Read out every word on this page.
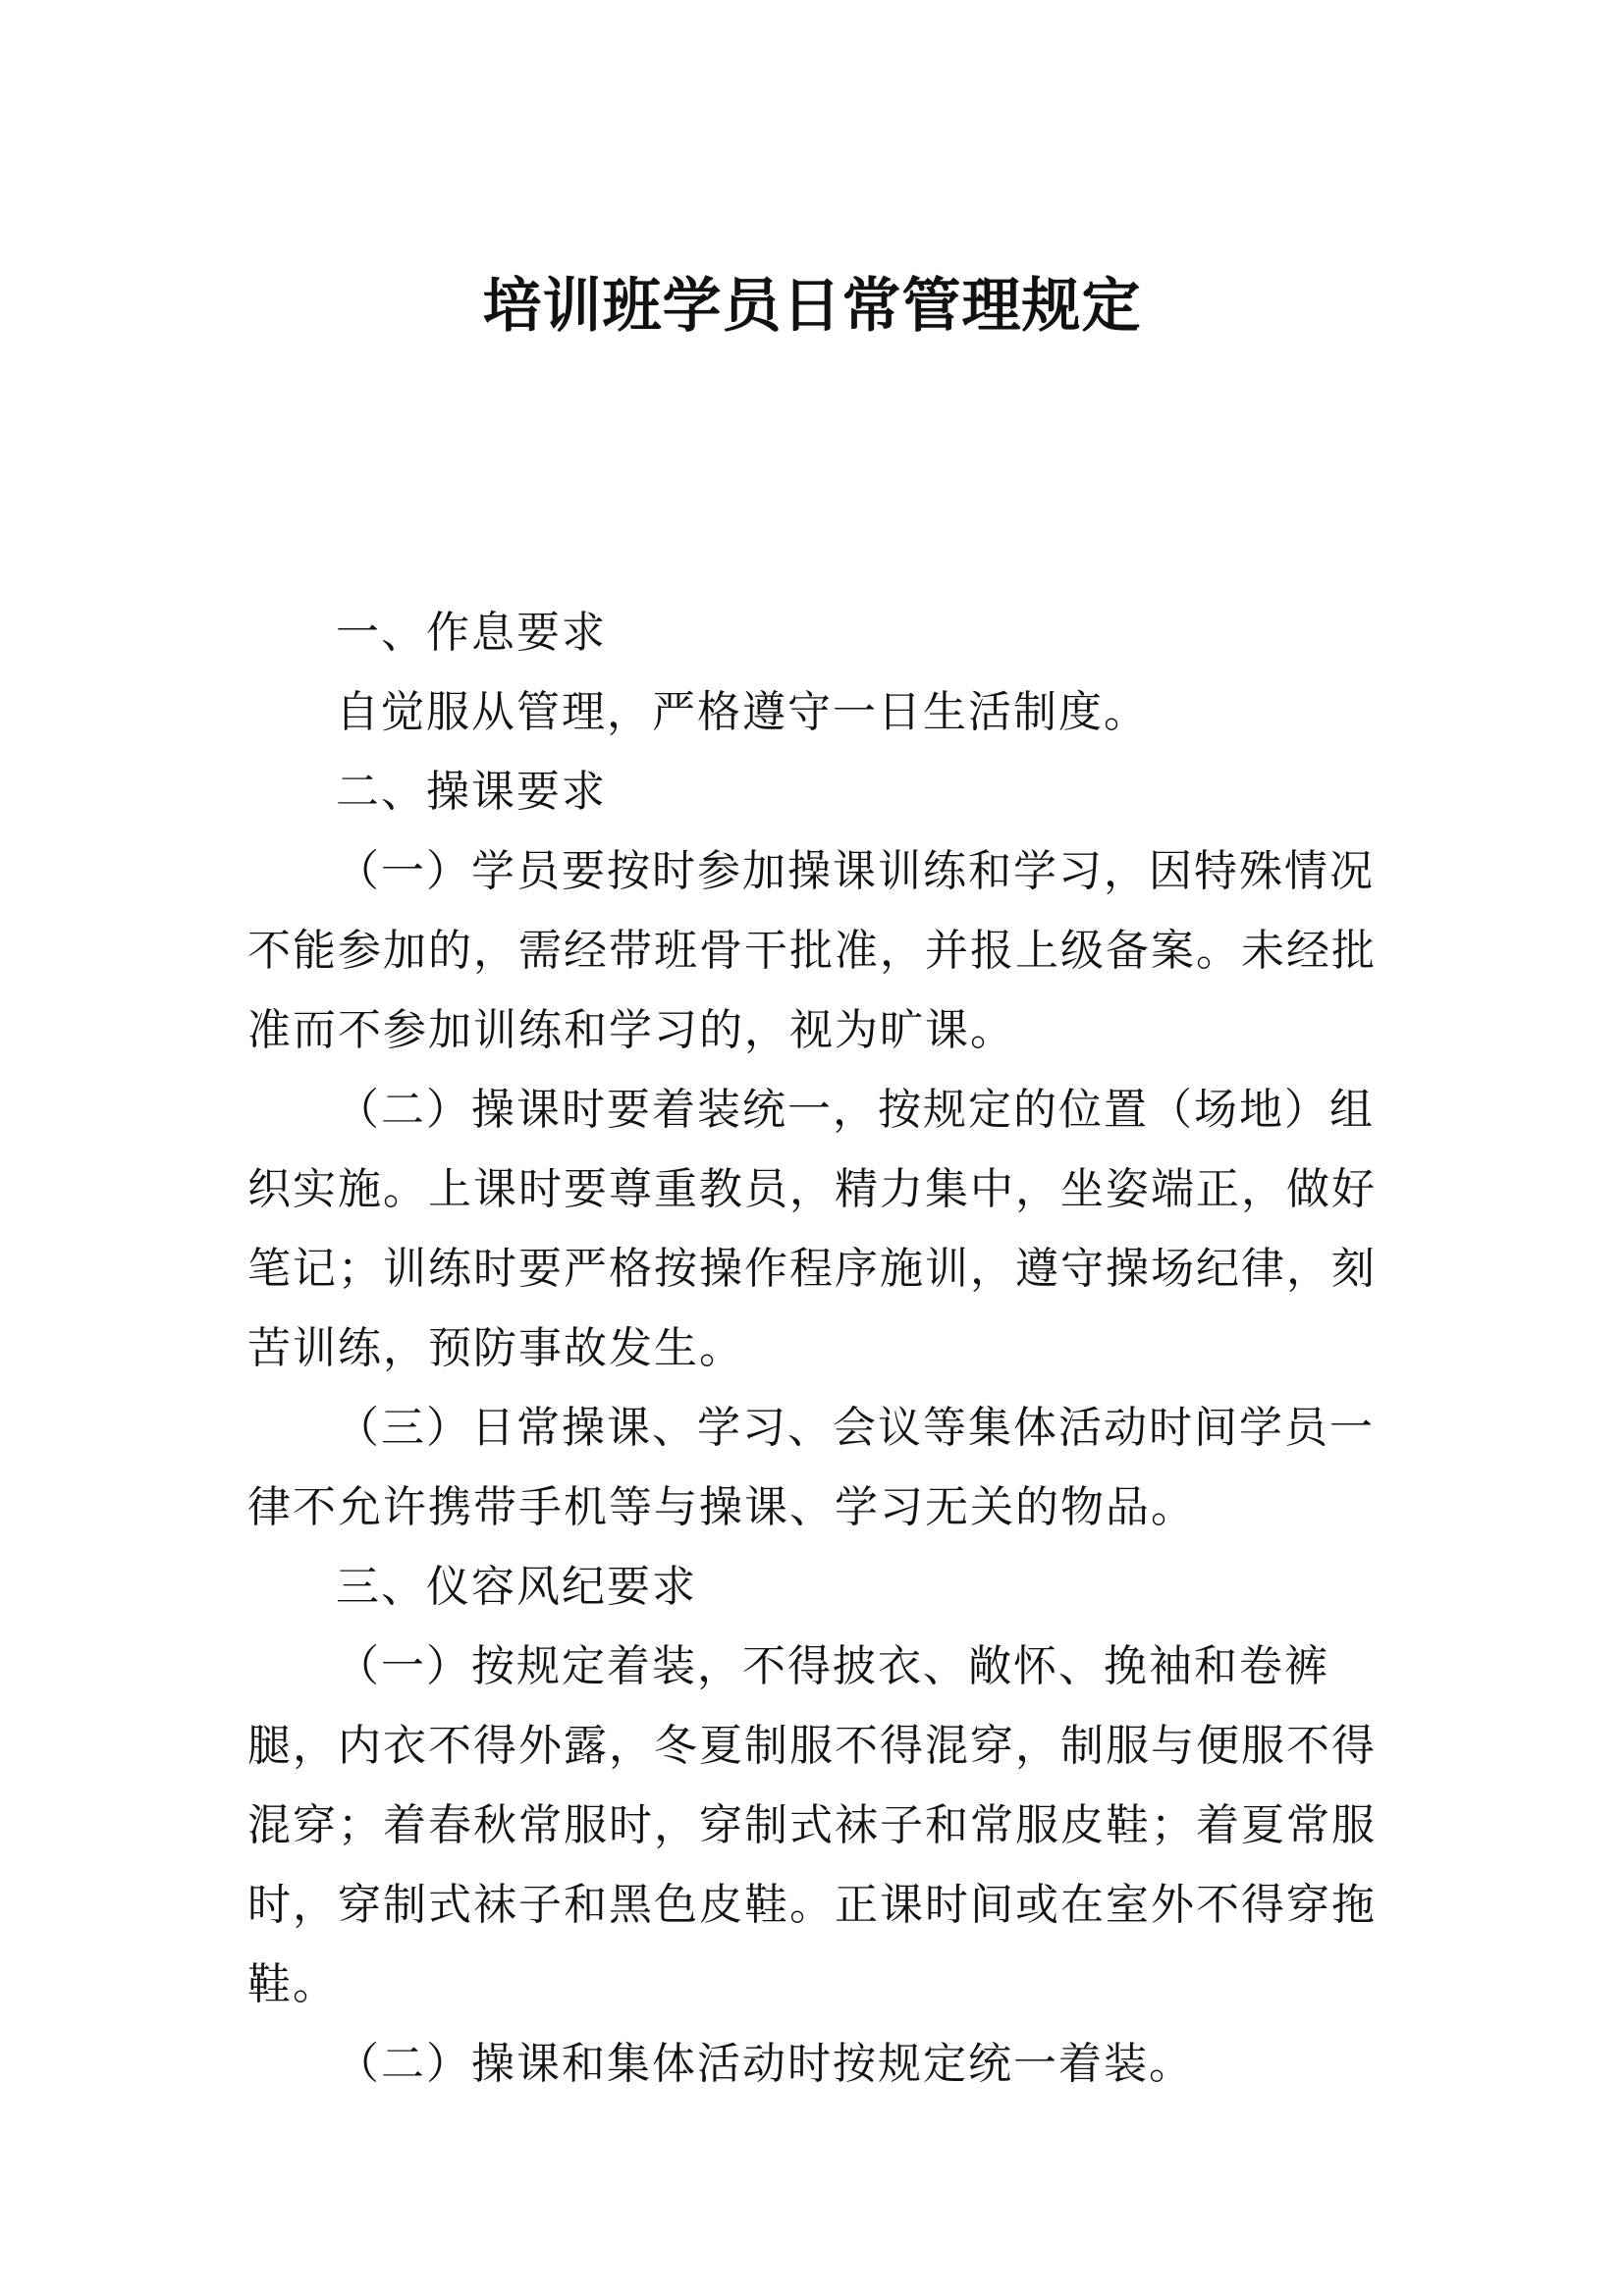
培训班学员日常管理规定

一、作息要求

自觉服从管理，严格遵守一日生活制度。

二、操课要求

（一）学员要按时参加操课训练和学习，因特殊情况不能参加的，需经带班骨干批准，并报上级备案。未经批准而不参加训练和学习的，视为旷课。

（二）操课时要着装统一，按规定的位置（场地）组织实施。上课时要尊重教员，精力集中，坐姿端正，做好笔记；训练时要严格按操作程序施训，遵守操场纪律，刻苦训练，预防事故发生。

（三）日常操课、学习、会议等集体活动时间学员一律不允许携带手机等与操课、学习无关的物品。

三、仪容风纪要求

（一）按规定着装，不得披衣、敞怀、挽袖和卷裤腿，内衣不得外露，冬夏制服不得混穿，制服与便服不得混穿；着春秋常服时，穿制式袜子和常服皮鞋；着夏常服时，穿制式袜子和黑色皮鞋。正课时间或在室外不得穿拖鞋。

（二）操课和集体活动时按规定统一着装。
